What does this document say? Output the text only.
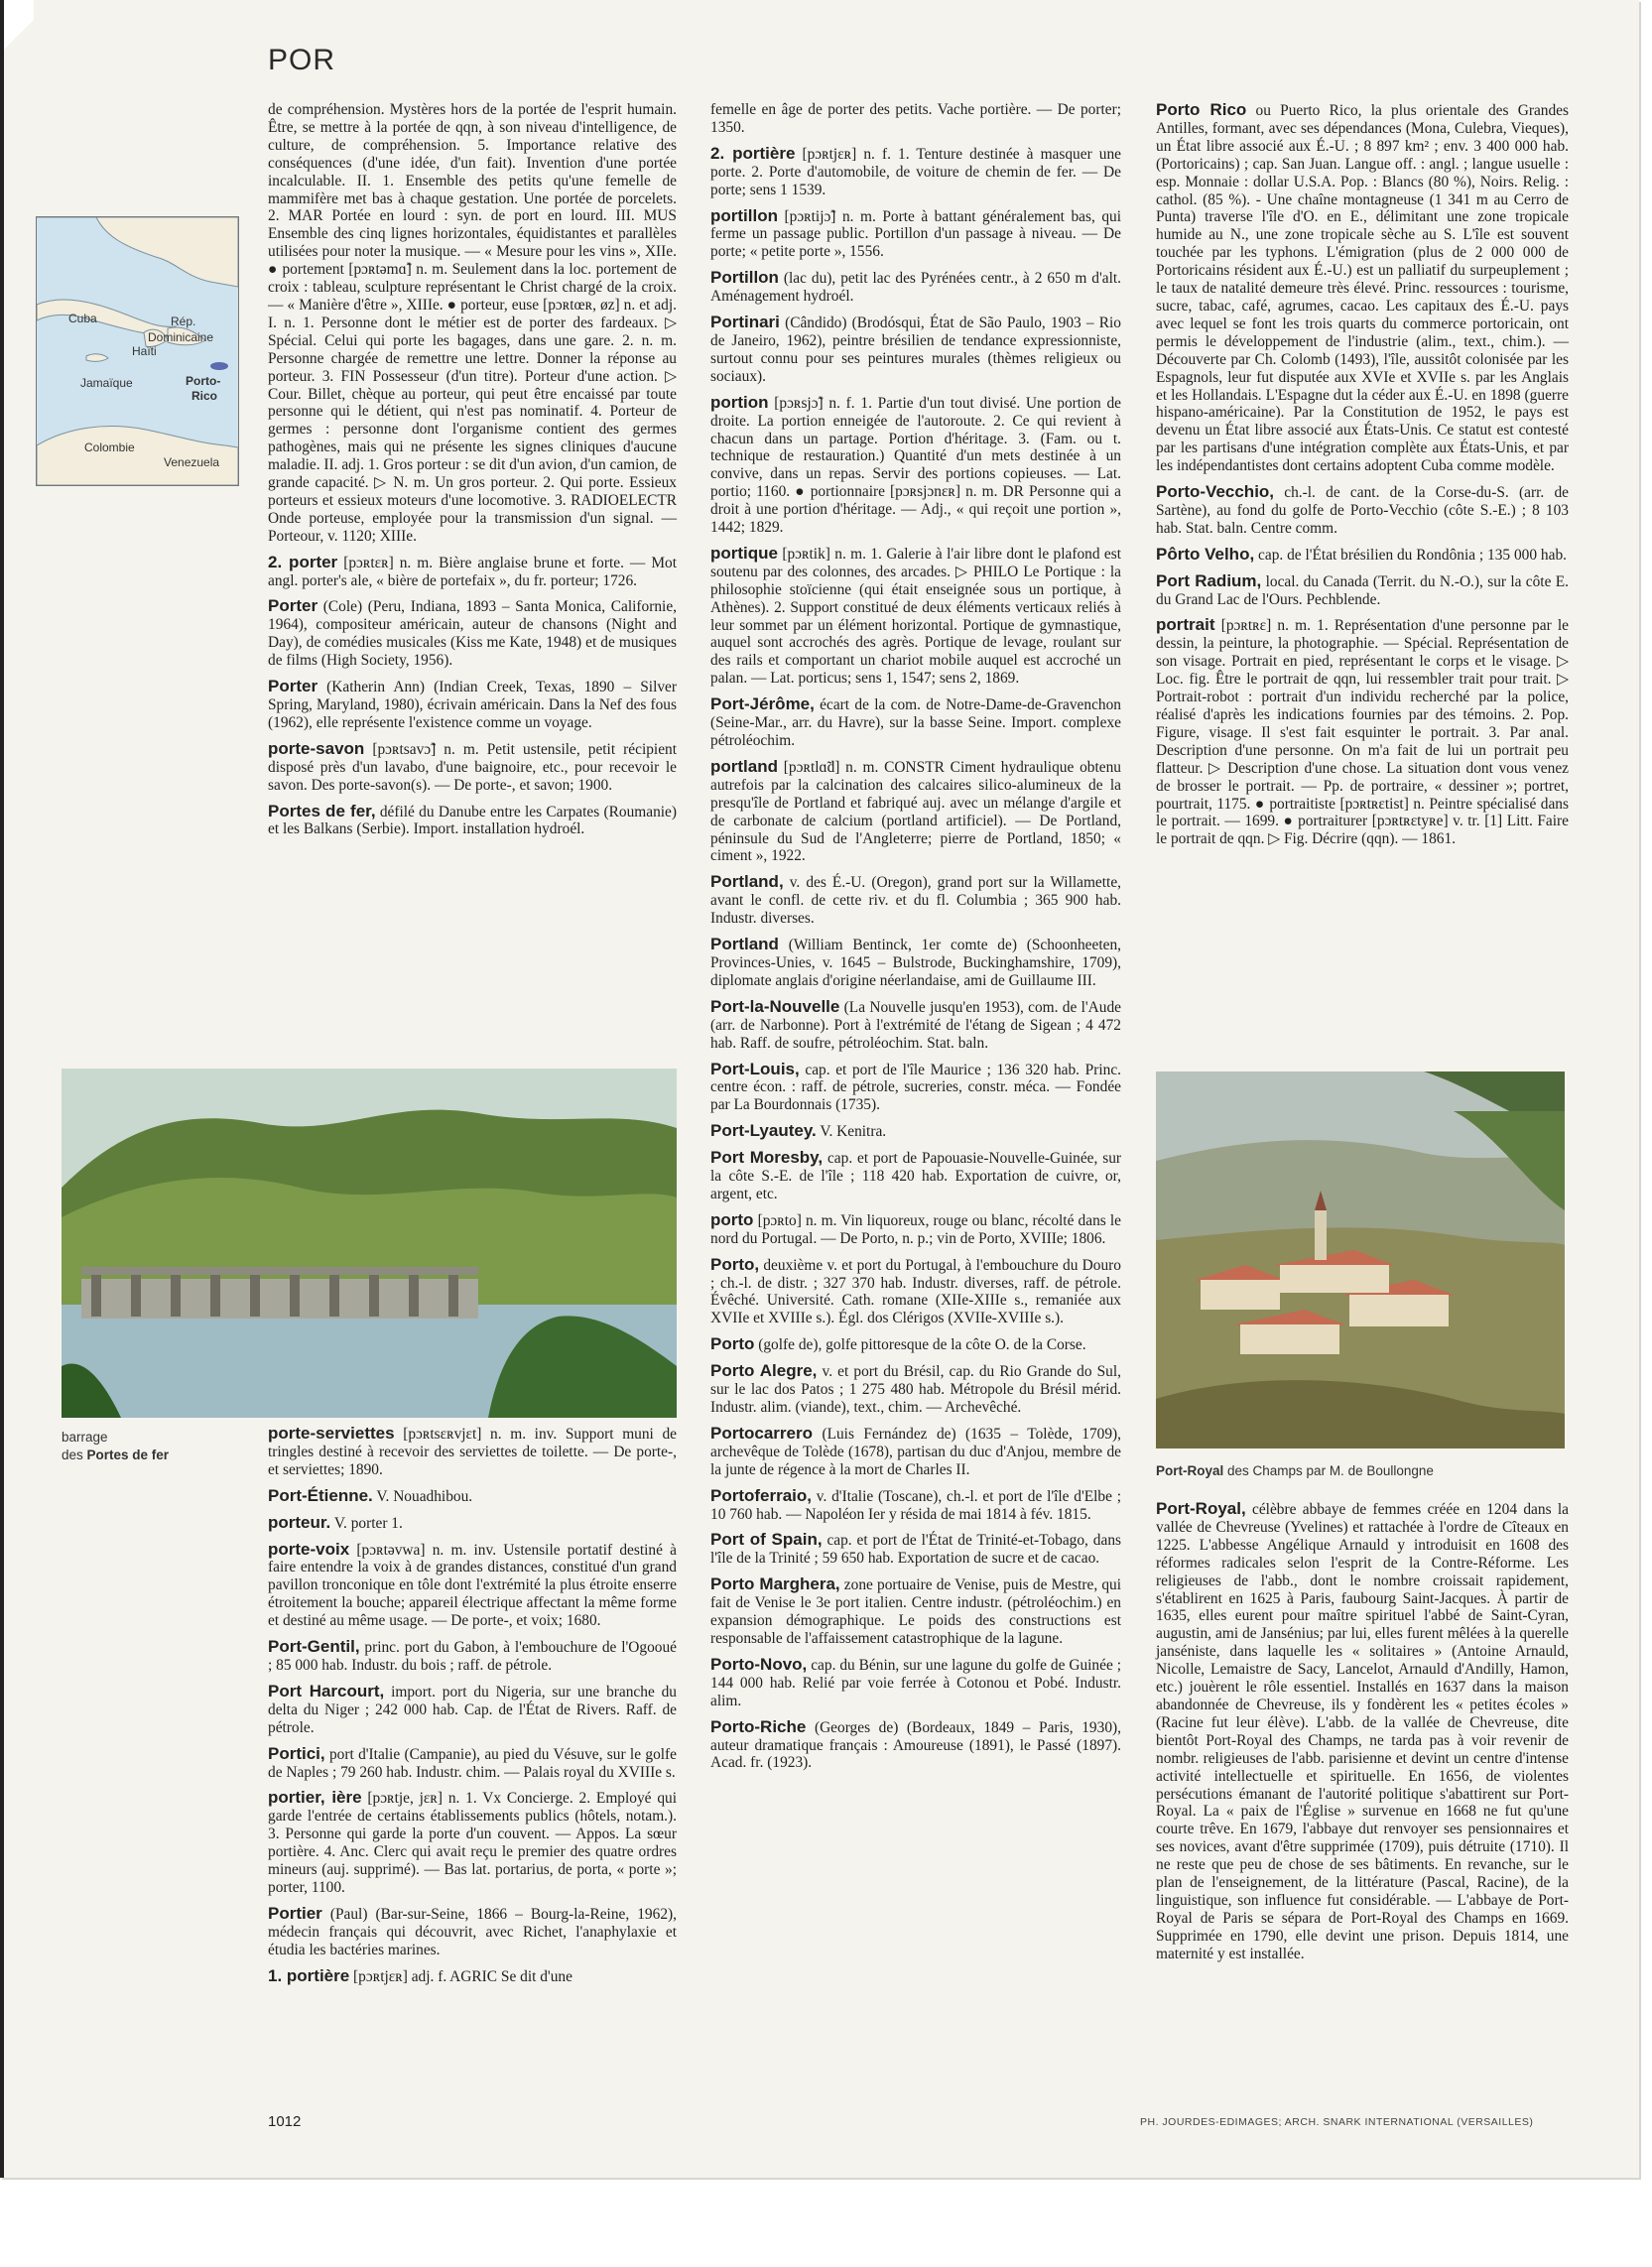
POR
Cuba	Rép.
Dominicaine
Haïti
Jamaïque	Porto-
Rico
Colombie
Venezuela

de compréhension. Mystères hors de la portée de l'esprit humain. Être, se mettre à la portée de qqn, à son niveau d'intelligence, de culture, de compréhension. 5. Importance relative des conséquences (d'une idée, d'un fait). Invention d'une portée incalculable. II. 1. Ensemble des petits qu'une femelle de mammifère met bas à chaque gestation. Une portée de porcelets. 2. MAR Portée en lourd : syn. de port en lourd. III. MUS Ensemble des cinq lignes horizontales, équidistantes et parallèles utilisées pour noter la musique. — « Mesure pour les vins », XIIe. ● portement [pɔʀtəmɑ̃] n. m. Seulement dans la loc. portement de croix : tableau, sculpture représentant le Christ chargé de la croix. — « Manière d'être », XIIIe. ● porteur, euse [pɔʀtœʀ, øz] n. et adj. I. n. 1. Personne dont le métier est de porter des fardeaux. ▷ Spécial. Celui qui porte les bagages, dans une gare. 2. n. m. Personne chargée de remettre une lettre. Donner la réponse au porteur. 3. FIN Possesseur (d'un titre). Porteur d'une action. ▷ Cour. Billet, chèque au porteur, qui peut être encaissé par toute personne qui le détient, qui n'est pas nominatif. 4. Porteur de germes : personne dont l'organisme contient des germes pathogènes, mais qui ne présente les signes cliniques d'aucune maladie. II. adj. 1. Gros porteur : se dit d'un avion, d'un camion, de grande capacité. ▷ N. m. Un gros porteur. 2. Qui porte. Essieux porteurs et essieux moteurs d'une locomotive. 3. RADIOELECTR Onde porteuse, employée pour la transmission d'un signal. — Porteour, v. 1120; XIIIe.

2. porter [pɔʀtɛʀ] n. m. Bière anglaise brune et forte. — Mot angl. porter's ale, « bière de portefaix », du fr. porteur; 1726.

Porter (Cole) (Peru, Indiana, 1893 – Santa Monica, Californie, 1964), compositeur américain, auteur de chansons (Night and Day), de comédies musicales (Kiss me Kate, 1948) et de musiques de films (High Society, 1956).

Porter (Katherin Ann) (Indian Creek, Texas, 1890 – Silver Spring, Maryland, 1980), écrivain américain. Dans la Nef des fous (1962), elle représente l'existence comme un voyage.

porte-savon [pɔʀtsavɔ̃] n. m. Petit ustensile, petit récipient disposé près d'un lavabo, d'une baignoire, etc., pour recevoir le savon. Des porte-savon(s). — De porte-, et savon; 1900.

Portes de fer, défilé du Danube entre les Carpates (Roumanie) et les Balkans (Serbie). Import. installation hydroél.

barrage
des Portes de fer

porte-serviettes [pɔʀtsɛʀvjɛt] n. m. inv. Support muni de tringles destiné à recevoir des serviettes de toilette. — De porte-, et serviettes; 1890.

Port-Étienne. V. Nouadhibou.

porteur. V. porter 1.

porte-voix [pɔʀtəvwa] n. m. inv. Ustensile portatif destiné à faire entendre la voix à de grandes distances, constitué d'un grand pavillon tronconique en tôle dont l'extrémité la plus étroite enserre étroitement la bouche; appareil électrique affectant la même forme et destiné au même usage. — De porte-, et voix; 1680.

Port-Gentil, princ. port du Gabon, à l'embouchure de l'Ogooué ; 85 000 hab. Industr. du bois ; raff. de pétrole.

Port Harcourt, import. port du Nigeria, sur une branche du delta du Niger ; 242 000 hab. Cap. de l'État de Rivers. Raff. de pétrole.

Portici, port d'Italie (Campanie), au pied du Vésuve, sur le golfe de Naples ; 79 260 hab. Industr. chim. — Palais royal du XVIIIe s.

portier, ière [pɔʀtje, jɛʀ] n. 1. Vx Concierge. 2. Employé qui garde l'entrée de certains établissements publics (hôtels, notam.). 3. Personne qui garde la porte d'un couvent. — Appos. La sœur portière. 4. Anc. Clerc qui avait reçu le premier des quatre ordres mineurs (auj. supprimé). — Bas lat. portarius, de porta, « porte »; porter, 1100.

Portier (Paul) (Bar-sur-Seine, 1866 – Bourg-la-Reine, 1962), médecin français qui découvrit, avec Richet, l'anaphylaxie et étudia les bactéries marines.

1. portière [pɔʀtjɛʀ] adj. f. AGRIC Se dit d'une

femelle en âge de porter des petits. Vache portière. — De porter; 1350.

2. portière [pɔʀtjɛʀ] n. f. 1. Tenture destinée à masquer une porte. 2. Porte d'automobile, de voiture de chemin de fer. — De porte; sens 1 1539.

portillon [pɔʀtijɔ̃] n. m. Porte à battant généralement bas, qui ferme un passage public. Portillon d'un passage à niveau. — De porte; « petite porte », 1556.

Portillon (lac du), petit lac des Pyrénées centr., à 2 650 m d'alt. Aménagement hydroél.

Portinari (Cândido) (Brodósqui, État de São Paulo, 1903 – Rio de Janeiro, 1962), peintre brésilien de tendance expressionniste, surtout connu pour ses peintures murales (thèmes religieux ou sociaux).

portion [pɔʀsjɔ̃] n. f. 1. Partie d'un tout divisé. Une portion de droite. La portion enneigée de l'autoroute. 2. Ce qui revient à chacun dans un partage. Portion d'héritage. 3. (Fam. ou t. technique de restauration.) Quantité d'un mets destinée à un convive, dans un repas. Servir des portions copieuses. — Lat. portio; 1160. ● portionnaire [pɔʀsjɔnɛʀ] n. m. DR Personne qui a droit à une portion d'héritage. — Adj., « qui reçoit une portion », 1442; 1829.

portique [pɔʀtik] n. m. 1. Galerie à l'air libre dont le plafond est soutenu par des colonnes, des arcades. ▷ PHILO Le Portique : la philosophie stoïcienne (qui était enseignée sous un portique, à Athènes). 2. Support constitué de deux éléments verticaux reliés à leur sommet par un élément horizontal. Portique de gymnastique, auquel sont accrochés des agrès. Portique de levage, roulant sur des rails et comportant un chariot mobile auquel est accroché un palan. — Lat. porticus; sens 1, 1547; sens 2, 1869.

Port-Jérôme, écart de la com. de Notre-Dame-de-Gravenchon (Seine-Mar., arr. du Havre), sur la basse Seine. Import. complexe pétroléochim.

portland [pɔʀtlɑ̃d] n. m. CONSTR Ciment hydraulique obtenu autrefois par la calcination des calcaires silico-alumineux de la presqu'île de Portland et fabriqué auj. avec un mélange d'argile et de carbonate de calcium (portland artificiel). — De Portland, péninsule du Sud de l'Angleterre; pierre de Portland, 1850; « ciment », 1922.

Portland, v. des É.-U. (Oregon), grand port sur la Willamette, avant le confl. de cette riv. et du fl. Columbia ; 365 900 hab. Industr. diverses.

Portland (William Bentinck, 1er comte de) (Schoonheeten, Provinces-Unies, v. 1645 – Bulstrode, Buckinghamshire, 1709), diplomate anglais d'origine néerlandaise, ami de Guillaume III.

Port-la-Nouvelle (La Nouvelle jusqu'en 1953), com. de l'Aude (arr. de Narbonne). Port à l'extrémité de l'étang de Sigean ; 4 472 hab. Raff. de soufre, pétroléochim. Stat. baln.

Port-Louis, cap. et port de l'île Maurice ; 136 320 hab. Princ. centre écon. : raff. de pétrole, sucreries, constr. méca. — Fondée par La Bourdonnais (1735).

Port-Lyautey. V. Kenitra.

Port Moresby, cap. et port de Papouasie-Nouvelle-Guinée, sur la côte S.-E. de l'île ; 118 420 hab. Exportation de cuivre, or, argent, etc.

porto [pɔʀto] n. m. Vin liquoreux, rouge ou blanc, récolté dans le nord du Portugal. — De Porto, n. p.; vin de Porto, XVIIIe; 1806.

Porto, deuxième v. et port du Portugal, à l'embouchure du Douro ; ch.-l. de distr. ; 327 370 hab. Industr. diverses, raff. de pétrole. Évêché. Université. Cath. romane (XIIe-XIIIe s., remaniée aux XVIIe et XVIIIe s.). Égl. dos Clérigos (XVIIe-XVIIIe s.).

Porto (golfe de), golfe pittoresque de la côte O. de la Corse.

Porto Alegre, v. et port du Brésil, cap. du Rio Grande do Sul, sur le lac dos Patos ; 1 275 480 hab. Métropole du Brésil mérid. Industr. alim. (viande), text., chim. — Archevêché.

Portocarrero (Luis Fernández de) (1635 – Tolède, 1709), archevêque de Tolède (1678), partisan du duc d'Anjou, membre de la junte de régence à la mort de Charles II.

Portoferraio, v. d'Italie (Toscane), ch.-l. et port de l'île d'Elbe ; 10 760 hab. — Napoléon Ier y résida de mai 1814 à fév. 1815.

Port of Spain, cap. et port de l'État de Trinité-et-Tobago, dans l'île de la Trinité ; 59 650 hab. Exportation de sucre et de cacao.

Porto Marghera, zone portuaire de Venise, puis de Mestre, qui fait de Venise le 3e port italien. Centre industr. (pétroléochim.) en expansion démographique. Le poids des constructions est responsable de l'affaissement catastrophique de la lagune.

Porto-Novo, cap. du Bénin, sur une lagune du golfe de Guinée ; 144 000 hab. Relié par voie ferrée à Cotonou et Pobé. Industr. alim.

Porto-Riche (Georges de) (Bordeaux, 1849 – Paris, 1930), auteur dramatique français : Amoureuse (1891), le Passé (1897). Acad. fr. (1923).

Porto Rico ou Puerto Rico, la plus orientale des Grandes Antilles, formant, avec ses dépendances (Mona, Culebra, Vieques), un État libre associé aux É.-U. ; 8 897 km² ; env. 3 400 000 hab. (Portoricains) ; cap. San Juan. Langue off. : angl. ; langue usuelle : esp. Monnaie : dollar U.S.A. Pop. : Blancs (80 %), Noirs. Relig. : cathol. (85 %). - Une chaîne montagneuse (1 341 m au Cerro de Punta) traverse l'île d'O. en E., délimitant une zone tropicale humide au N., une zone tropicale sèche au S. L'île est souvent touchée par les typhons. L'émigration (plus de 2 000 000 de Portoricains résident aux É.-U.) est un palliatif du surpeuplement ; le taux de natalité demeure très élevé. Princ. ressources : tourisme, sucre, tabac, café, agrumes, cacao. Les capitaux des É.-U. pays avec lequel se font les trois quarts du commerce portoricain, ont permis le développement de l'industrie (alim., text., chim.). — Découverte par Ch. Colomb (1493), l'île, aussitôt colonisée par les Espagnols, leur fut disputée aux XVIe et XVIIe s. par les Anglais et les Hollandais. L'Espagne dut la céder aux É.-U. en 1898 (guerre hispano-américaine). Par la Constitution de 1952, le pays est devenu un État libre associé aux États-Unis. Ce statut est contesté par les partisans d'une intégration complète aux États-Unis, et par les indépendantistes dont certains adoptent Cuba comme modèle.

Porto-Vecchio, ch.-l. de cant. de la Corse-du-S. (arr. de Sartène), au fond du golfe de Porto-Vecchio (côte S.-E.) ; 8 103 hab. Stat. baln. Centre comm.

Pôrto Velho, cap. de l'État brésilien du Rondônia ; 135 000 hab.

Port Radium, local. du Canada (Territ. du N.-O.), sur la côte E. du Grand Lac de l'Ours. Pechblende.

portrait [pɔʀtʀɛ] n. m. 1. Représentation d'une personne par le dessin, la peinture, la photographie. — Spécial. Représentation de son visage. Portrait en pied, représentant le corps et le visage. ▷ Loc. fig. Être le portrait de qqn, lui ressembler trait pour trait. ▷ Portrait-robot : portrait d'un individu recherché par la police, réalisé d'après les indications fournies par des témoins. 2. Pop. Figure, visage. Il s'est fait esquinter le portrait. 3. Par anal. Description d'une personne. On m'a fait de lui un portrait peu flatteur. ▷ Description d'une chose. La situation dont vous venez de brosser le portrait. — Pp. de portraire, « dessiner »; portret, pourtrait, 1175. ● portraitiste [pɔʀtʀɛtist] n. Peintre spécialisé dans le portrait. — 1699. ● portraiturer [pɔʀtʀɛtyʀe] v. tr. [1] Litt. Faire le portrait de qqn. ▷ Fig. Décrire (qqn). — 1861.

Port-Royal des Champs par M. de Boullongne

Port-Royal, célèbre abbaye de femmes créée en 1204 dans la vallée de Chevreuse (Yvelines) et rattachée à l'ordre de Cîteaux en 1225. L'abbesse Angélique Arnauld y introduisit en 1608 des réformes radicales selon l'esprit de la Contre-Réforme. Les religieuses de l'abb., dont le nombre croissait rapidement, s'établirent en 1625 à Paris, faubourg Saint-Jacques. À partir de 1635, elles eurent pour maître spirituel l'abbé de Saint-Cyran, augustin, ami de Jansénius; par lui, elles furent mêlées à la querelle janséniste, dans laquelle les « solitaires » (Antoine Arnauld, Nicolle, Lemaistre de Sacy, Lancelot, Arnauld d'Andilly, Hamon, etc.) jouèrent le rôle essentiel. Installés en 1637 dans la maison abandonnée de Chevreuse, ils y fondèrent les « petites écoles » (Racine fut leur élève). L'abb. de la vallée de Chevreuse, dite bientôt Port-Royal des Champs, ne tarda pas à voir revenir de nombr. religieuses de l'abb. parisienne et devint un centre d'intense activité intellectuelle et spirituelle. En 1656, de violentes persécutions émanant de l'autorité politique s'abattirent sur Port-Royal. La « paix de l'Église » survenue en 1668 ne fut qu'une courte trêve. En 1679, l'abbaye dut renvoyer ses pensionnaires et ses novices, avant d'être supprimée (1709), puis détruite (1710). Il ne reste que peu de chose de ses bâtiments. En revanche, sur le plan de l'enseignement, de la littérature (Pascal, Racine), de la linguistique, son influence fut considérable. — L'abbaye de Port-Royal de Paris se sépara de Port-Royal des Champs en 1669. Supprimée en 1790, elle devint une prison. Depuis 1814, une maternité y est installée.

1012	PH. JOURDES-EDIMAGES; ARCH. SNARK INTERNATIONAL (VERSAILLES)
